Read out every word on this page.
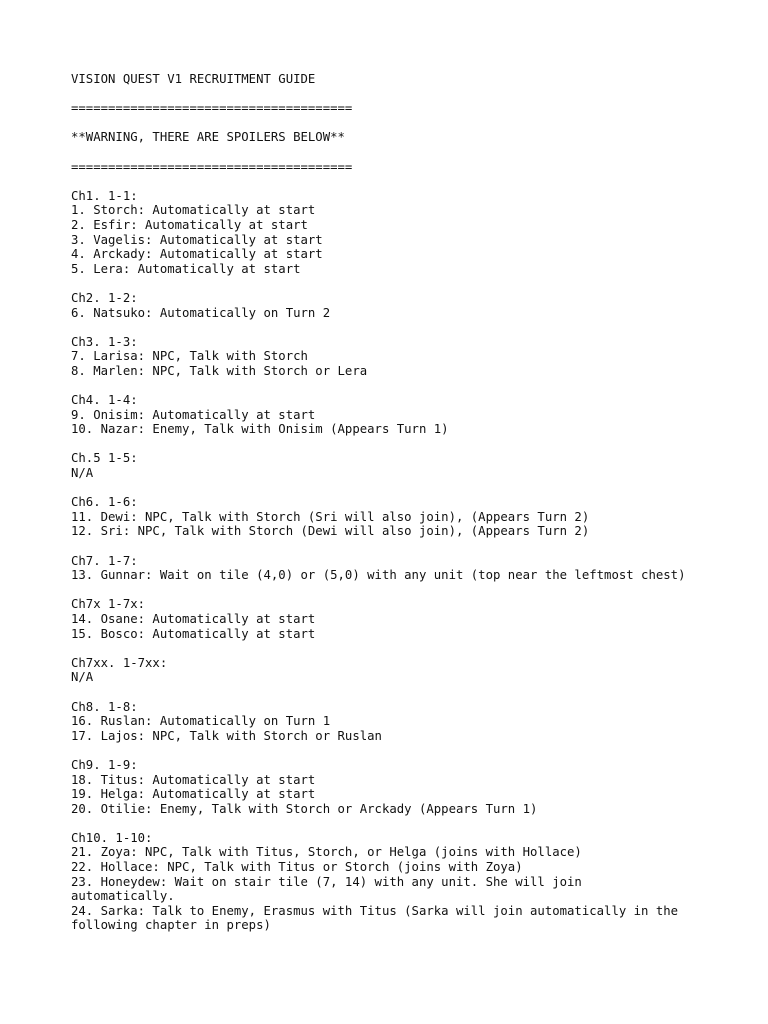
VISION QUEST V1 RECRUITMENT GUIDE
======================================
**WARNING, THERE ARE SPOILERS BELOW**
======================================
Ch1. 1-1:
1. Storch: Automatically at start
2. Esfir: Automatically at start
3. Vagelis: Automatically at start
4. Arckady: Automatically at start
5. Lera: Automatically at start
Ch2. 1-2:
6. Natsuko: Automatically on Turn 2
Ch3. 1-3:
7. Larisa: NPC, Talk with Storch
8. Marlen: NPC, Talk with Storch or Lera
Ch4. 1-4:
9. Onisim: Automatically at start
10. Nazar: Enemy, Talk with Onisim (Appears Turn 1)
Ch.5 1-5:
N/A
Ch6. 1-6:
11. Dewi: NPC, Talk with Storch (Sri will also join), (Appears Turn 2)
12. Sri: NPC, Talk with Storch (Dewi will also join), (Appears Turn 2)
Ch7. 1-7:
13. Gunnar: Wait on tile (4,0) or (5,0) with any unit (top near the leftmost chest)
Ch7x 1-7x:
14. Osane: Automatically at start
15. Bosco: Automatically at start
Ch7xx. 1-7xx:
N/A
Ch8. 1-8:
16. Ruslan: Automatically on Turn 1
17. Lajos: NPC, Talk with Storch or Ruslan
Ch9. 1-9:
18. Titus: Automatically at start
19. Helga: Automatically at start
20. Otilie: Enemy, Talk with Storch or Arckady (Appears Turn 1)
Ch10. 1-10:
21. Zoya: NPC, Talk with Titus, Storch, or Helga (joins with Hollace)
22. Hollace: NPC, Talk with Titus or Storch (joins with Zoya)
23. Honeydew: Wait on stair tile (7, 14) with any unit. She will join
automatically.
24. Sarka: Talk to Enemy, Erasmus with Titus (Sarka will join automatically in the
following chapter in preps)
